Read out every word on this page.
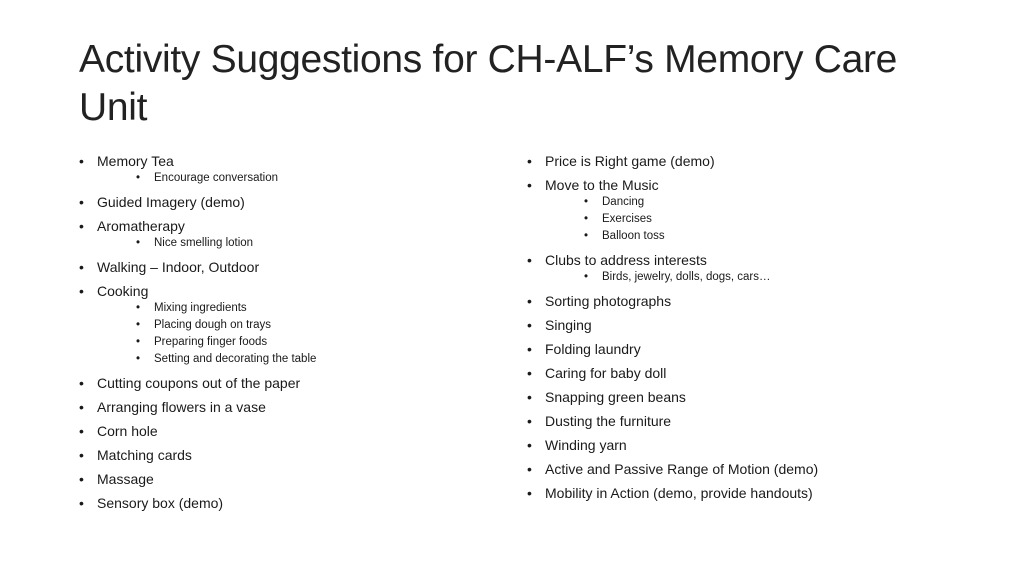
Activity Suggestions for CH-ALF’s Memory Care Unit
• Memory Tea
• Encourage conversation
• Guided Imagery (demo)
• Aromatherapy
• Nice smelling lotion
• Walking – Indoor, Outdoor
• Cooking
• Mixing ingredients
• Placing dough on trays
• Preparing finger foods
• Setting and decorating the table
• Cutting coupons out of the paper
• Arranging flowers in a vase
• Corn hole
• Matching cards
• Massage
• Sensory box (demo)
• Price is Right game (demo)
• Move to the Music
• Dancing
• Exercises
• Balloon toss
• Clubs to address interests
• Birds, jewelry, dolls, dogs, cars…
• Sorting photographs
• Singing
• Folding laundry
• Caring for baby doll
• Snapping green beans
• Dusting the furniture
• Winding yarn
• Active and Passive Range of Motion (demo)
• Mobility in Action (demo, provide handouts)
